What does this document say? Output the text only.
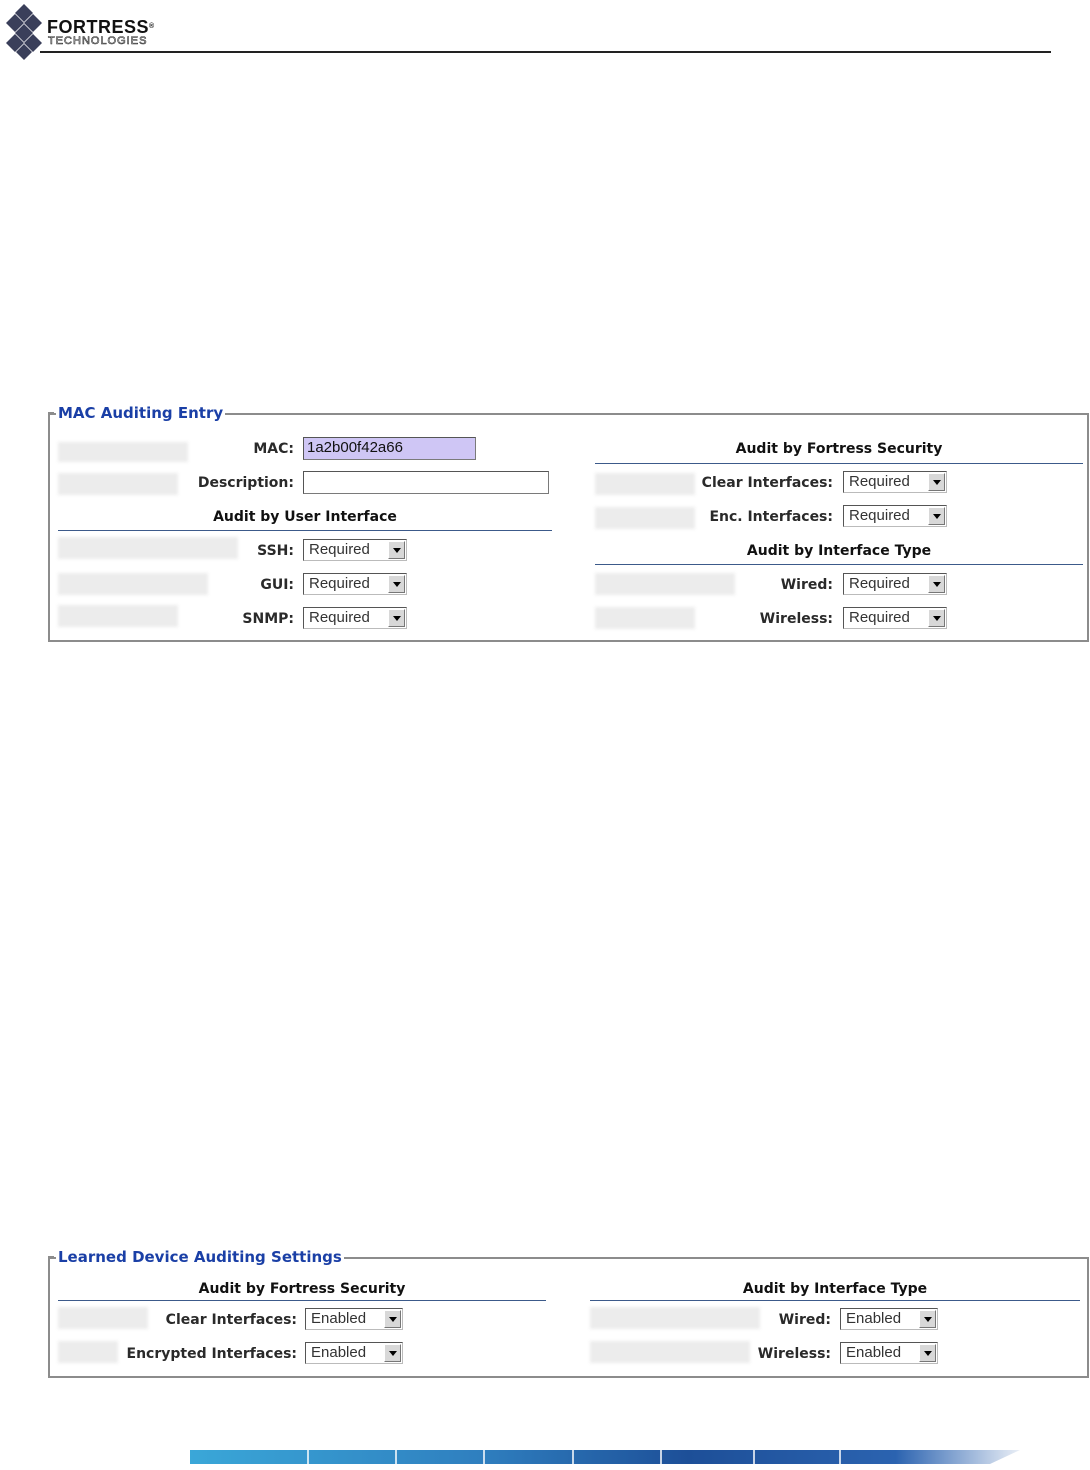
FORTRESS®
TECHNOLOGIES
MAC Auditing Entry
MAC: 1a2b00f42a66
Description:
Audit by User Interface
SSH: Required
GUI: Required
SNMP: Required
Audit by Fortress Security
Clear Interfaces: Required
Enc. Interfaces: Required
Audit by Interface Type
Wired: Required
Wireless: Required
Learned Device Auditing Settings
Audit by Fortress Security
Clear Interfaces: Enabled
Encrypted Interfaces: Enabled
Audit by Interface Type
Wired: Enabled
Wireless: Enabled
